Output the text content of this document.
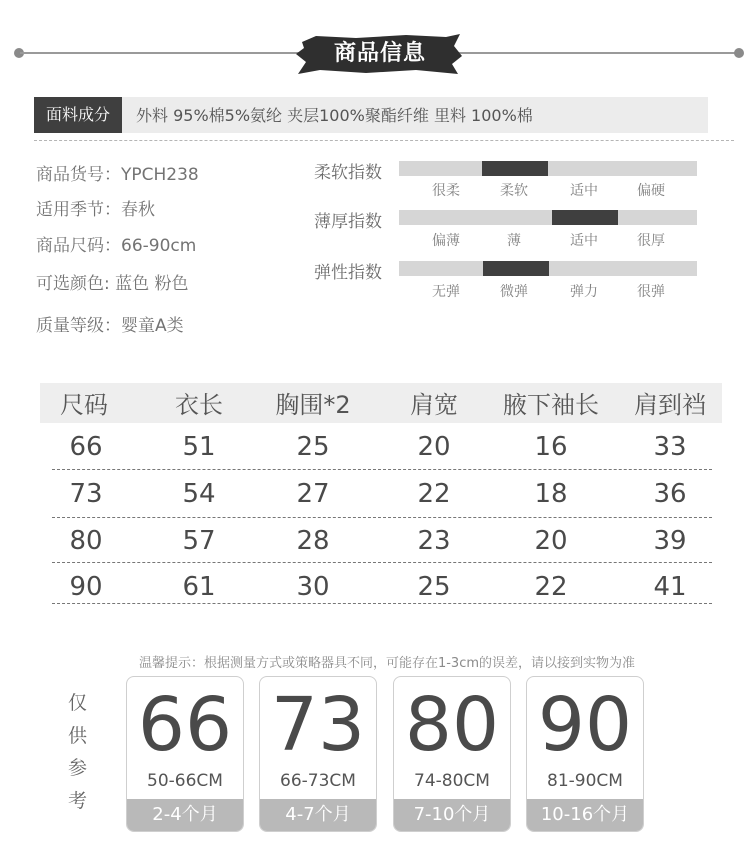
商品信息
面料成分	外料 95%棉5%氨纶 夹层100%聚酯纤维 里料 100%棉
商品货号：YPCH238
适用季节：春秋
商品尺码：66-90cm
可选颜色: 蓝色 粉色
质量等级：婴童A类
柔软指数
很柔	柔软	适中	偏硬
薄厚指数
偏薄	薄	适中	很厚
弹性指数
无弹	微弹	弹力	很弹
尺码	衣长	胸围*2	肩宽	腋下袖长	肩到裆
66	51	25	20	16	33
73	54	27	22	18	36
80	57	28	23	20	39
90	61	30	25	22	41
温馨提示：根据测量方式或策略器具不同，可能存在1-3cm的误差，请以接到实物为准
仅
供
参
考
66
50-66CM
2-4个月
73
66-73CM
4-7个月
80
74-80CM
7-10个月
90
81-90CM
10-16个月
